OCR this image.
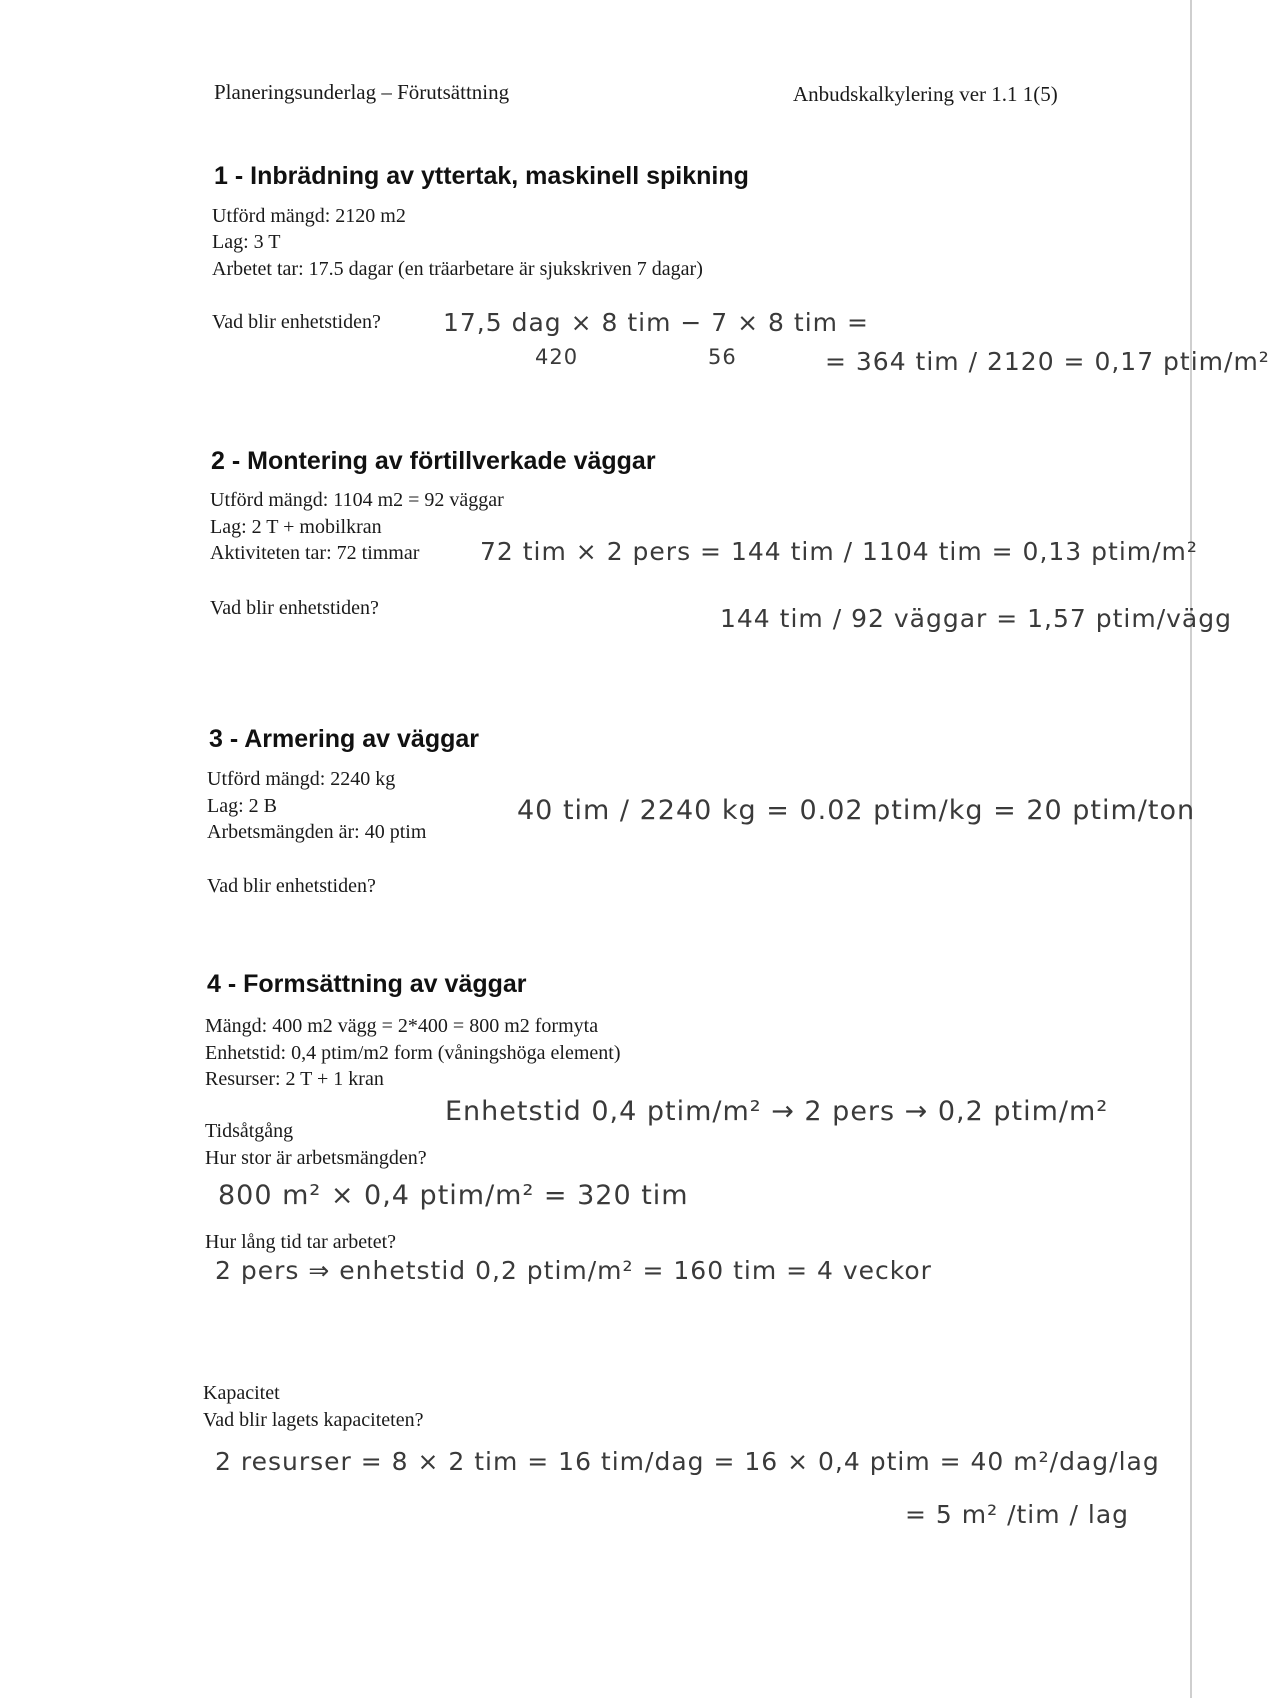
Planeringsunderlag – Förutsättning	Anbudskalkylering ver 1.1 1(5)
1 - Inbrädning av yttertak, maskinell spikning
Utförd mängd: 2120 m2
Lag: 3 T
Arbetet tar: 17.5 dagar (en träarbetare är sjukskriven 7 dagar)
Vad blir enhetstiden? 17,5 dag × 8 tim − 7 × 8 tim =
420	56	= 364 tim / 2120 = 0,17 ptim/m²
2 - Montering av förtillverkade väggar
Utförd mängd: 1104 m2 = 92 väggar
Lag: 2 T + mobilkran
Aktiviteten tar: 72 timmar
Vad blir enhetstiden?
72 tim × 2 pers = 144 tim / 1104 tim = 0,13 ptim/m²
144 tim / 92 väggar = 1,57 ptim/vägg
3 - Armering av väggar
Utförd mängd: 2240 kg
Lag: 2 B
Arbetsmängden är: 40 ptim
Vad blir enhetstiden?
40 tim / 2240 kg = 0.02 ptim/kg = 20 ptim/ton
4 - Formsättning av väggar
Mängd: 400 m2 vägg = 2*400 = 800 m2 formyta
Enhetstid: 0,4 ptim/m2 form (våningshöga element)
Resurser: 2 T + 1 kran
Enhetstid 0,4 ptim/m² → 2 pers → 0,2 ptim/m²
Tidsåtgång
Hur stor är arbetsmängden?
800 m² × 0,4 ptim/m² = 320 tim
Hur lång tid tar arbetet?
2 pers ⇒ enhetstid 0,2 ptim/m² = 160 tim = 4 veckor
Kapacitet
Vad blir lagets kapaciteten?
2 resurser = 8 × 2 tim = 16 tim/dag = 16 × 0,4 ptim = 40 m²/dag/lag
= 5 m² /tim / lag
